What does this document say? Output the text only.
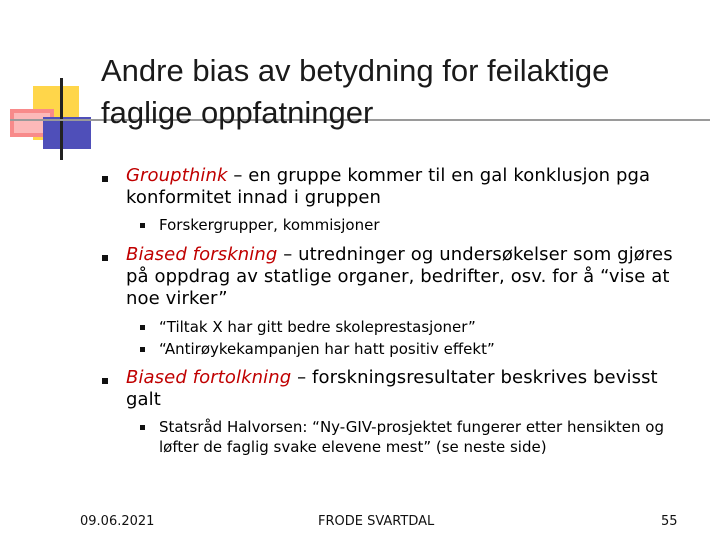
Andre bias av betydning for feilaktige faglige oppfatninger
Groupthink – en gruppe kommer til en gal konklusjon pga konformitet innad i gruppen
Forskergrupper, kommisjoner
Biased forskning – utredninger og undersøkelser som gjøres på oppdrag av statlige organer, bedrifter, osv. for å “vise at noe virker”
“Tiltak X har gitt bedre skoleprestasjoner”
“Antirøykekampanjen har hatt positiv effekt”
Biased fortolkning – forskningsresultater beskrives bevisst galt
Statsråd Halvorsen: “Ny-GIV-prosjektet fungerer etter hensikten og løfter de faglig svake elevene mest” (se neste side)
09.06.2021	FRODE SVARTDAL	55
